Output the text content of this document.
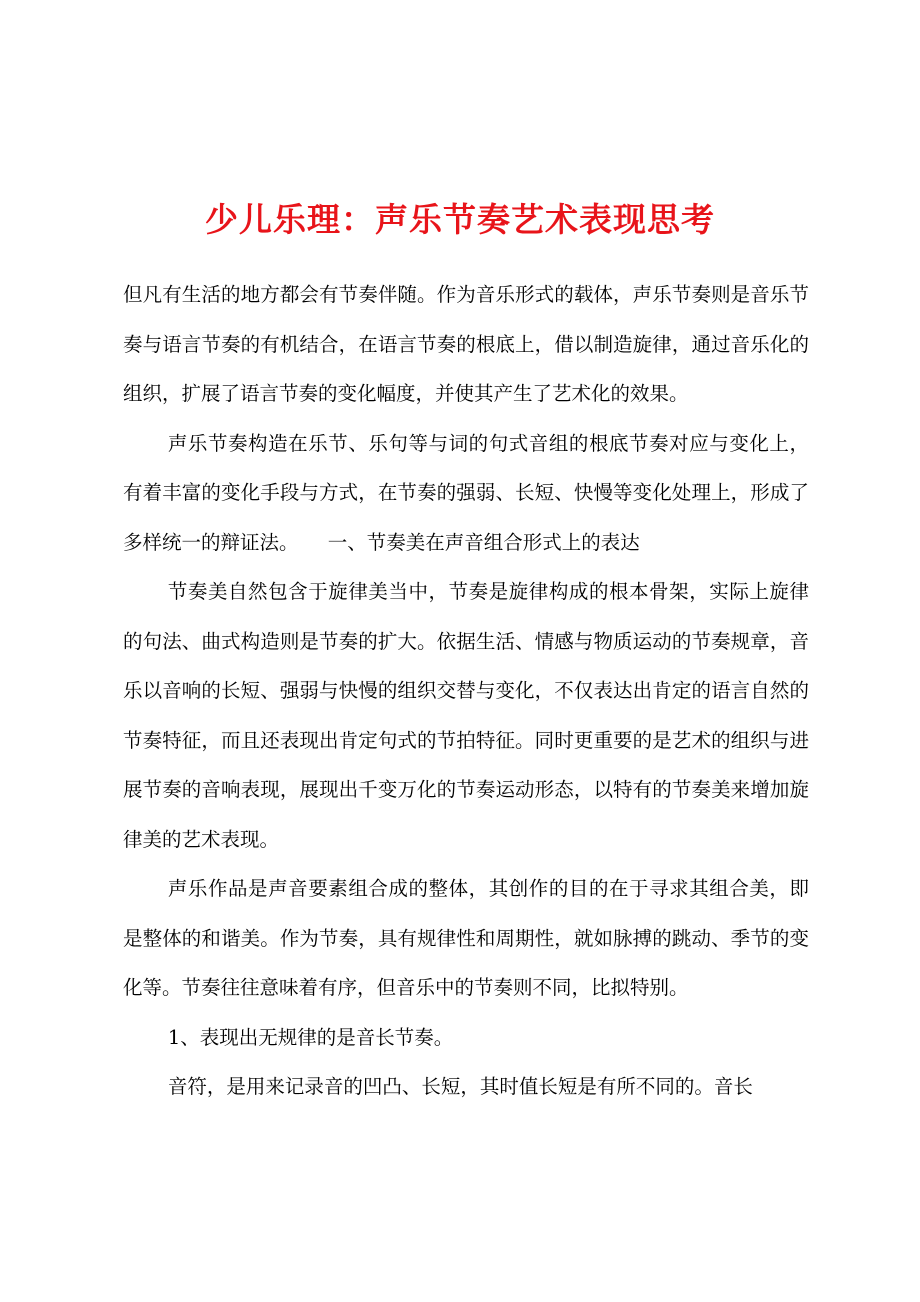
少儿乐理：声乐节奏艺术表现思考

但凡有生活的地方都会有节奏伴随。作为音乐形式的载体，声乐节奏则是音乐节奏与语言节奏的有机结合，在语言节奏的根底上，借以制造旋律，通过音乐化的组织，扩展了语言节奏的变化幅度，并使其产生了艺术化的效果。

声乐节奏构造在乐节、乐句等与词的句式音组的根底节奏对应与变化上，有着丰富的变化手段与方式，在节奏的强弱、长短、快慢等变化处理上，形成了多样统一的辩证法。　　一、节奏美在声音组合形式上的表达

节奏美自然包含于旋律美当中，节奏是旋律构成的根本骨架，实际上旋律的句法、曲式构造则是节奏的扩大。依据生活、情感与物质运动的节奏规章，音乐以音响的长短、强弱与快慢的组织交替与变化，不仅表达出肯定的语言自然的节奏特征，而且还表现出肯定句式的节拍特征。同时更重要的是艺术的组织与进展节奏的音响表现，展现出千变万化的节奏运动形态，以特有的节奏美来增加旋律美的艺术表现。

声乐作品是声音要素组合成的整体，其创作的目的在于寻求其组合美，即是整体的和谐美。作为节奏，具有规律性和周期性，就如脉搏的跳动、季节的变化等。节奏往往意味着有序，但音乐中的节奏则不同，比拟特别。

1、表现出无规律的是音长节奏。

音符，是用来记录音的凹凸、长短，其时值长短是有所不同的。音长
